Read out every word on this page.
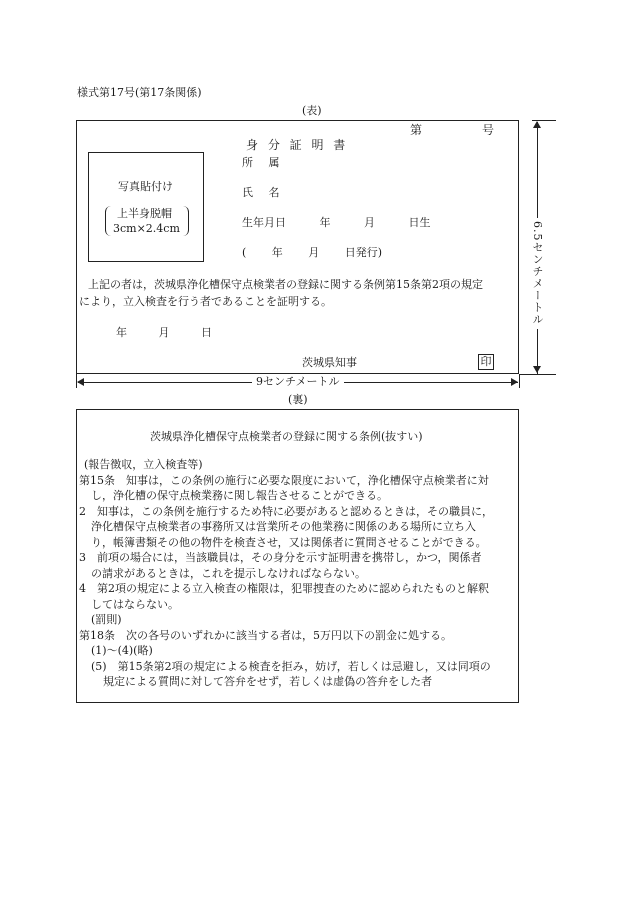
様式第17号(第17条関係)
(表)
第	号
身 分 証 明 書
写真貼付け
上半身脱帽
3cm×2.4cm
所 属
氏 名
生年月日 年 月 日生
( 年 月 日発行)
上記の者は，茨城県浄化槽保守点検業者の登録に関する条例第15条第2項の規定
により，立入検査を行う者であることを証明する。
年 月 日
茨城県知事	印
6.5センチメートル
9センチメートル
(裏)
茨城県浄化槽保守点検業者の登録に関する条例(抜すい)
(報告徴収，立入検査等)
第15条　知事は，この条例の施行に必要な限度において，浄化槽保守点検業者に対
し，浄化槽の保守点検業務に関し報告させることができる。
2　知事は，この条例を施行するため特に必要があると認めるときは，その職員に，
浄化槽保守点検業者の事務所又は営業所その他業務に関係のある場所に立ち入
り，帳簿書類その他の物件を検査させ，又は関係者に質問させることができる。
3　前項の場合には，当該職員は，その身分を示す証明書を携帯し，かつ，関係者
の請求があるときは，これを提示しなければならない。
4　第2項の規定による立入検査の権限は，犯罪捜査のために認められたものと解釈
してはならない。
(罰則)
第18条　次の各号のいずれかに該当する者は，5万円以下の罰金に処する。
(1)～(4)(略)
(5)　第15条第2項の規定による検査を拒み，妨げ，若しくは忌避し，又は同項の
規定による質問に対して答弁をせず，若しくは虚偽の答弁をした者
